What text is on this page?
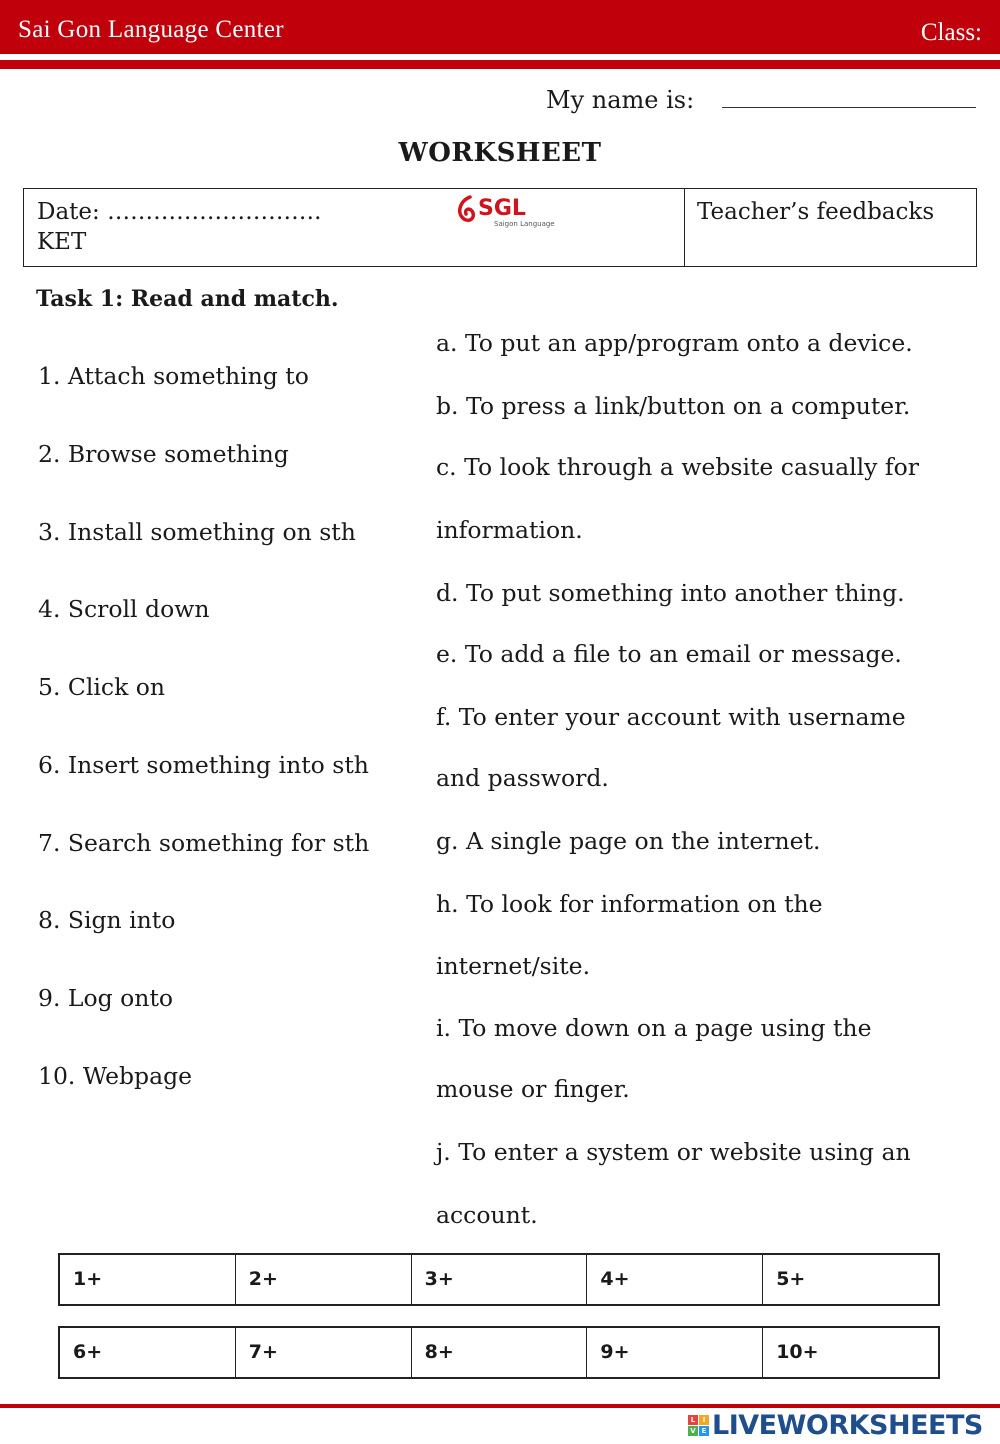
Sai Gon Language Center	Class:
My name is:
WORKSHEET
Date: ……………………….
KET
SGL
Saigon Language	Teacher’s feedbacks
Task 1: Read and match.
1. Attach something to
2. Browse something
3. Install something on sth
4. Scroll down
5. Click on
6. Insert something into sth
7. Search something for sth
8. Sign into
9. Log onto
10. Webpage
a. To put an app/program onto a device.
b. To press a link/button on a computer.
c. To look through a website casually for
information.
d. To put something into another thing.
e. To add a file to an email or message.
f. To enter your account with username
and password.
g. A single page on the internet.
h. To look for information on the
internet/site.
i. To move down on a page using the
mouse or finger.
j. To enter a system or website using an
account.
1+	2+	3+	4+	5+
6+	7+	8+	9+	10+
L	I
V E LIVEWORKSHEETS
